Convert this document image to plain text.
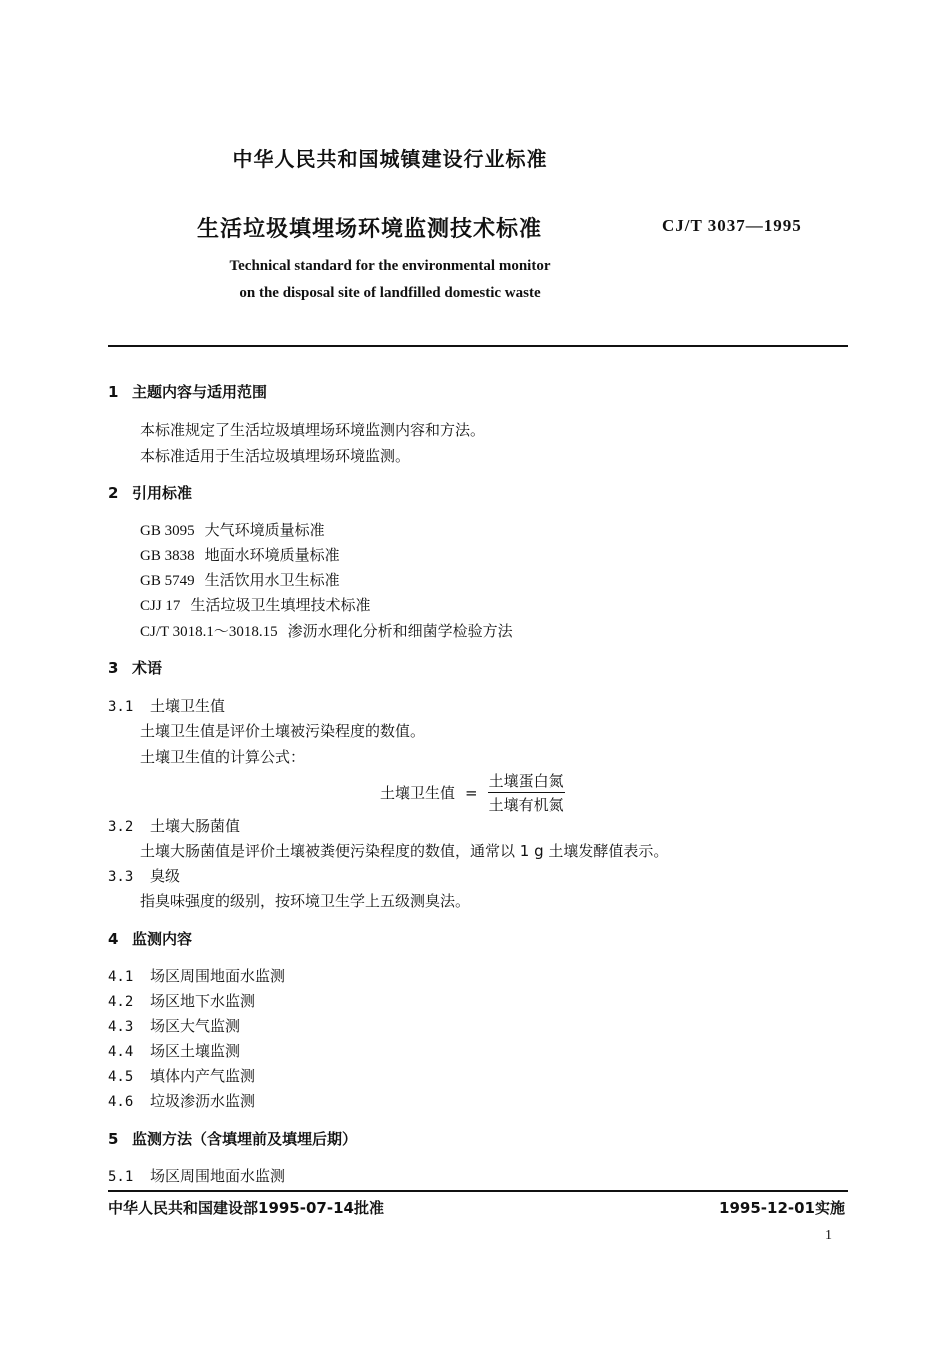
中华人民共和国城镇建设行业标准
生活垃圾填埋场环境监测技术标准	CJ/T 3037—1995
Technical standard for the environmental monitor
on the disposal site of landfilled domestic waste
1 主题内容与适用范围
本标准规定了生活垃圾填埋场环境监测内容和方法。
本标准适用于生活垃圾填埋场环境监测。
2 引用标准
GB 3095 大气环境质量标准
GB 3838 地面水环境质量标准
GB 5749 生活饮用水卫生标准
CJJ 17 生活垃圾卫生填埋技术标准
CJ/T 3018.1～3018.15 渗沥水理化分析和细菌学检验方法
3 术语
3.1 土壤卫生值
土壤卫生值是评价土壤被污染程度的数值。
土壤卫生值的计算公式：
土壤卫生值 = $\frac{\text{土壤蛋白氮}}{\text{土壤有机氮}}$
3.2 土壤大肠菌值
土壤大肠菌值是评价土壤被粪便污染程度的数值，通常以 1 g 土壤发酵值表示。
3.3 臭级
指臭味强度的级别，按环境卫生学上五级测臭法。
4 监测内容
4.1 场区周围地面水监测
4.2 场区地下水监测
4.3 场区大气监测
4.4 场区土壤监测
4.5 填体内产气监测
4.6 垃圾渗沥水监测
5 监测方法（含填埋前及填埋后期）
5.1 场区周围地面水监测
中华人民共和国建设部1995-07-14批准	1995-12-01实施
1
